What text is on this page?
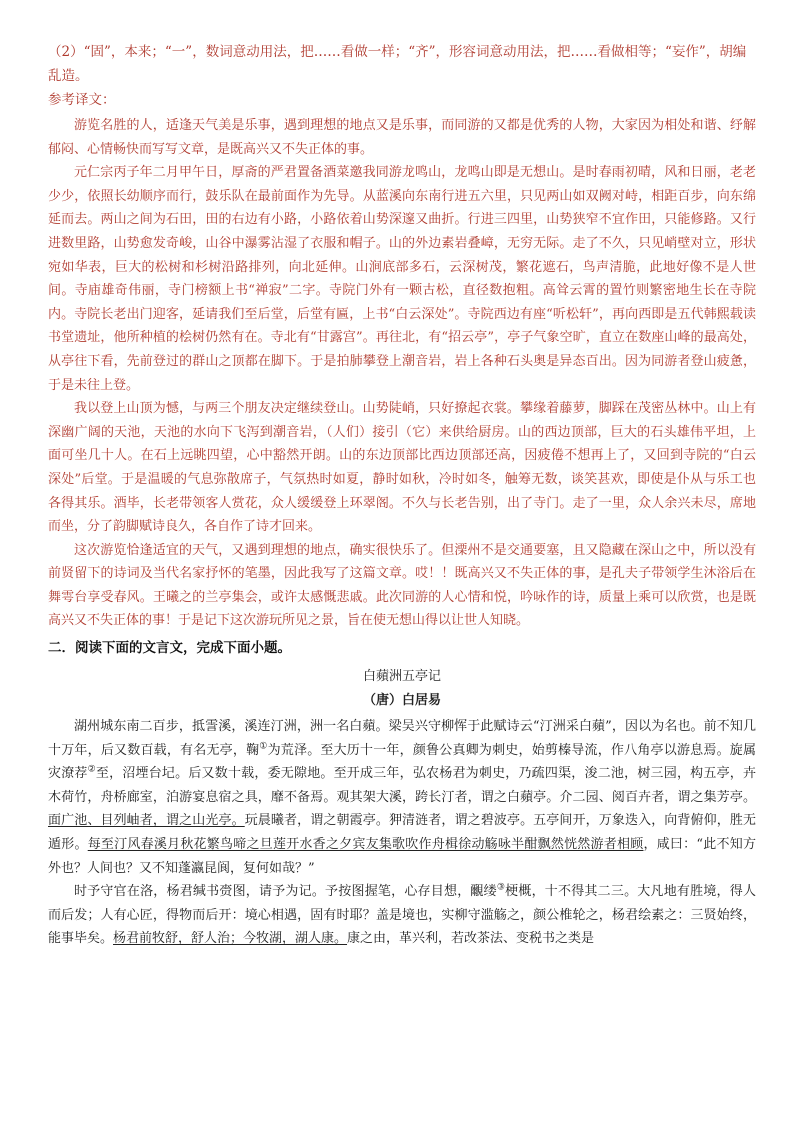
（2）“固”，本来；“一”，数词意动用法，把……看做一样；“齐”，形容词意动用法，把……看做相等；“妄作”，胡编乱造。

参考译文：

游览名胜的人，适逢天气美是乐事，遇到理想的地点又是乐事，而同游的又都是优秀的人物，大家因为相处和谐、纾解郁闷、心情畅快而写写文章，是既高兴又不失正体的事。

元仁宗丙子年二月甲午日，厚斋的严君置备酒菜邀我同游龙鸣山，龙鸣山即是无想山。是时春雨初晴，风和日丽，老老少少，依照长幼顺序而行，鼓乐队在最前面作为先导。从蓝溪向东南行进五六里，只见两山如双阙对峙，相距百步，向东绵延而去。两山之间为石田，田的右边有小路，小路依着山势深邃又曲折。行进三四里，山势狭窄不宜作田，只能修路。又行进数里路，山势愈发奇峻，山谷中瀑雾沾湿了衣服和帽子。山的外边素岩叠嶂，无穷无际。走了不久，只见峭壁对立，形状宛如华表，巨大的松树和杉树沿路排列，向北延伸。山涧底部多石，云深树茂，繁花遮石，鸟声清脆，此地好像不是人世间。寺庙雄奇伟丽，寺门榜额上书“禅寂”二字。寺院门外有一颗古松，直径数抱粗。高耸云霄的置竹则繁密地生长在寺院内。寺院长老出门迎客，延请我们至后堂，后堂有匾，上书“白云深处”。寺院西边有座“听松轩”，再向西即是五代韩熙载读书堂遗址，他所种植的桧树仍然有在。寺北有“甘露宫”。再往北，有“招云亭”，亭子气象空旷，直立在数座山峰的最高处，从亭往下看，先前登过的群山之顶都在脚下。于是拍肺攀登上潮音岩，岩上各种石头奥是异态百出。因为同游者登山疲惫，于是未往上登。

我以登上山顶为憾，与两三个朋友决定继续登山。山势陡峭，只好撩起衣裳。攀缘着藤萝，脚踩在茂密丛林中。山上有深幽广阔的天池，天池的水向下飞泻到潮音岩，（人们）接引（它）来供给厨房。山的西边顶部，巨大的石头雄伟平坦，上面可坐几十人。在石上远眺四望，心中豁然开朗。山的东边顶部比西边顶部还高，因疲倦不想再上了，又回到寺院的“白云深处”后堂。于是温暖的气息弥散席子，气氛热时如夏，静时如秋，冷时如冬，触筹无数，谈笑甚欢，即使是仆从与乐工也各得其乐。酒毕，长老带领客人赏花，众人缓缓登上环翠阁。不久与长老告别，出了寺门。走了一里，众人余兴未尽，席地而坐，分了韵脚赋诗良久，各自作了诗才回来。

这次游览恰逢适宜的天气，又遇到理想的地点，确实很快乐了。但溧州不是交通要塞，且又隐藏在深山之中，所以没有前贤留下的诗词及当代名家抒怀的笔墨，因此我写了这篇文章。哎！！既高兴又不失正体的事，是孔夫子带领学生沐浴后在舞雩台享受春风。王曦之的兰亭集会，或许太感慨悲戚。此次同游的人心情和悦，吟咏作的诗，质量上乘可以欣赏，也是既高兴又不失正体的事！于是记下这次游玩所见之景，旨在使无想山得以让世人知晓。

二．阅读下面的文言文，完成下面小题。

白蘋洲五亭记

（唐）白居易

湖州城东南二百步，抵霅溪，溪连汀洲，洲一名白蘋。梁吴兴守柳恽于此赋诗云“汀洲采白蘋”，因以为名也。前不知几十万年，后又数百载，有名无亭，鞠①为荒泽。至大历十一年，颜鲁公真卿为刺史，始剪榛导流，作八角亭以游息焉。旋属灾潦荐②至，沼堙台圮。后又数十载，委无隙地。至开成三年，弘农杨君为刺史，乃疏四渠，浚二池，树三园，构五亭，卉木荷竹，舟桥廊室，泊游宴息宿之具，靡不备焉。观其架大溪，跨长汀者，谓之白蘋亭。介二园、阅百卉者，谓之集芳亭。面广池、目列岫者，谓之山光亭。玩晨曦者，谓之朝霞亭。狎清涟者，谓之碧波亭。五亭间开，万象迭入，向背俯仰，胜无遁形。每至汀风春溪月秋花繁鸟啼之旦莲开水香之夕宾友集歌吹作舟楫徐动觞咏半酣飘然恍然游者相顾，咸曰：“此不知方外也？人间也？又不知蓬瀛昆阆，复何如哉？”

时予守官在洛，杨君缄书赍图，请予为记。予按图握笔，心存目想，覼缕③梗概，十不得其二三。大凡地有胜境，得人而后发；人有心匠，得物而后开：境心相遇，固有时耶？盖是境也，实柳守滥觞之，颜公椎轮之，杨君绘素之：三贤始终，能事毕矣。杨君前牧舒，舒人治；今牧湖，湖人康。康之由，革兴利，若改茶法、变税书之类是
